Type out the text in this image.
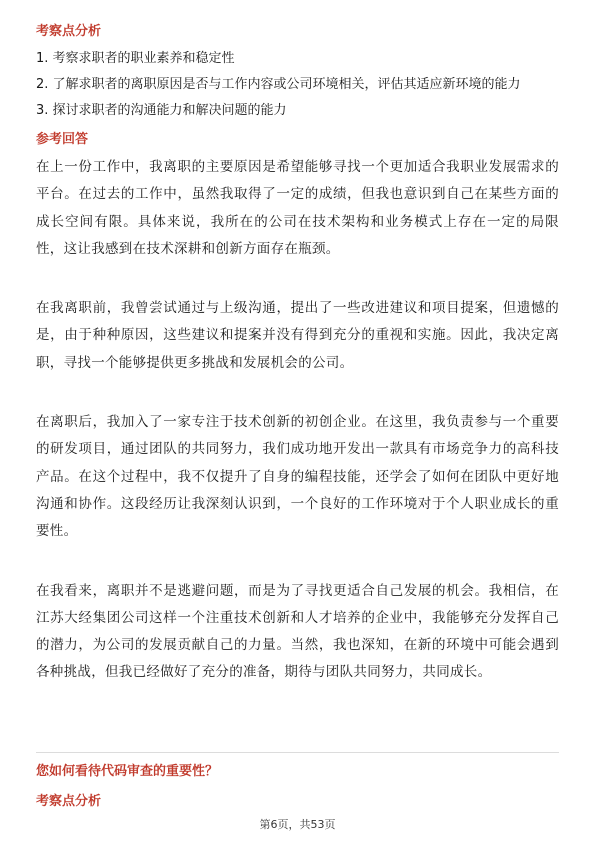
考察点分析

1. 考察求职者的职业素养和稳定性

2. 了解求职者的离职原因是否与工作内容或公司环境相关，评估其适应新环境的能力

3. 探讨求职者的沟通能力和解决问题的能力

参考回答

在上一份工作中，我离职的主要原因是希望能够寻找一个更加适合我职业发展需求的平台。在过去的工作中，虽然我取得了一定的成绩，但我也意识到自己在某些方面的成长空间有限。具体来说，我所在的公司在技术架构和业务模式上存在一定的局限性，这让我感到在技术深耕和创新方面存在瓶颈。

在我离职前，我曾尝试通过与上级沟通，提出了一些改进建议和项目提案，但遗憾的是，由于种种原因，这些建议和提案并没有得到充分的重视和实施。因此，我决定离职，寻找一个能够提供更多挑战和发展机会的公司。

在离职后，我加入了一家专注于技术创新的初创企业。在这里，我负责参与一个重要的研发项目，通过团队的共同努力，我们成功地开发出一款具有市场竞争力的高科技产品。在这个过程中，我不仅提升了自身的编程技能，还学会了如何在团队中更好地沟通和协作。这段经历让我深刻认识到，一个良好的工作环境对于个人职业成长的重要性。

在我看来，离职并不是逃避问题，而是为了寻找更适合自己发展的机会。我相信，在江苏大经集团公司这样一个注重技术创新和人才培养的企业中，我能够充分发挥自己的潜力，为公司的发展贡献自己的力量。当然，我也深知，在新的环境中可能会遇到各种挑战，但我已经做好了充分的准备，期待与团队共同努力，共同成长。

您如何看待代码审查的重要性？
考察点分析
第6页，共53页
